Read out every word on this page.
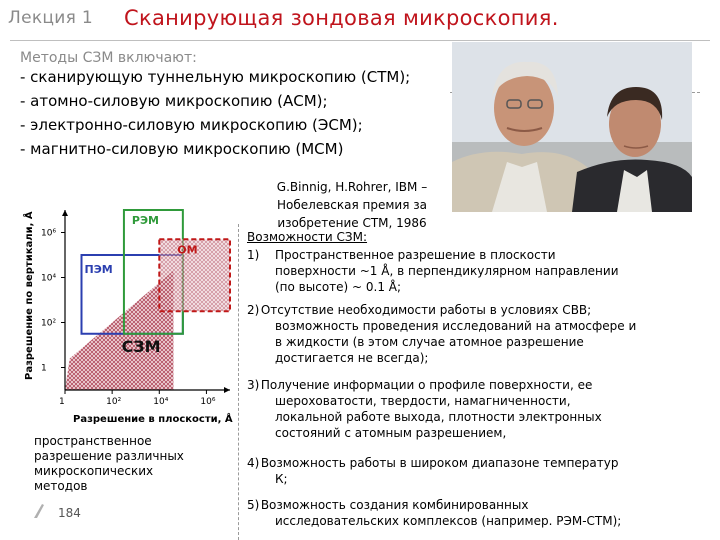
Лекция 1 Сканирующая зондовая микроскопия.
Методы СЗМ включают:
- сканирующую туннельную микроскопию (СТМ);
- атомно-силовую микроскопию (АСМ);
- электронно-силовую микроскопию (ЭСМ);
- магнитно-силовую микроскопию (МСМ)
G.Binnig, H.Rohrer, IBM –
Нобелевская премия за
изобретение СТМ, 1986
РЭМ
ПЭМ
ОМ
СЗМ
1
1
10²
10²
10⁴
10⁴
10⁶
10⁶
Разрешение в плоскости, Å
Разрешение по вертикали, Å
пространственное
разрешение различных
микроскопических
методов
184
Возможности СЗМ:
1) Пространственное разрешение в плоскости
поверхности ~1 Å, в перпендикулярном направлении
(по высоте) ~ 0.1 Å;
2) Отсутствие необходимости работы в условиях СВВ;
возможность проведения исследований на атмосфере и
в жидкости (в этом случае атомное разрешение
достигается не всегда);
3) Получение информации о профиле поверхности, ее
шероховатости, твердости, намагниченности,
локальной работе выхода, плотности электронных
состояний с атомным разрешением,
4) Возможность работы в широком диапазоне температур
К;
5) Возможность создания комбинированных
исследовательских комплексов (например. РЭМ-СТМ);
